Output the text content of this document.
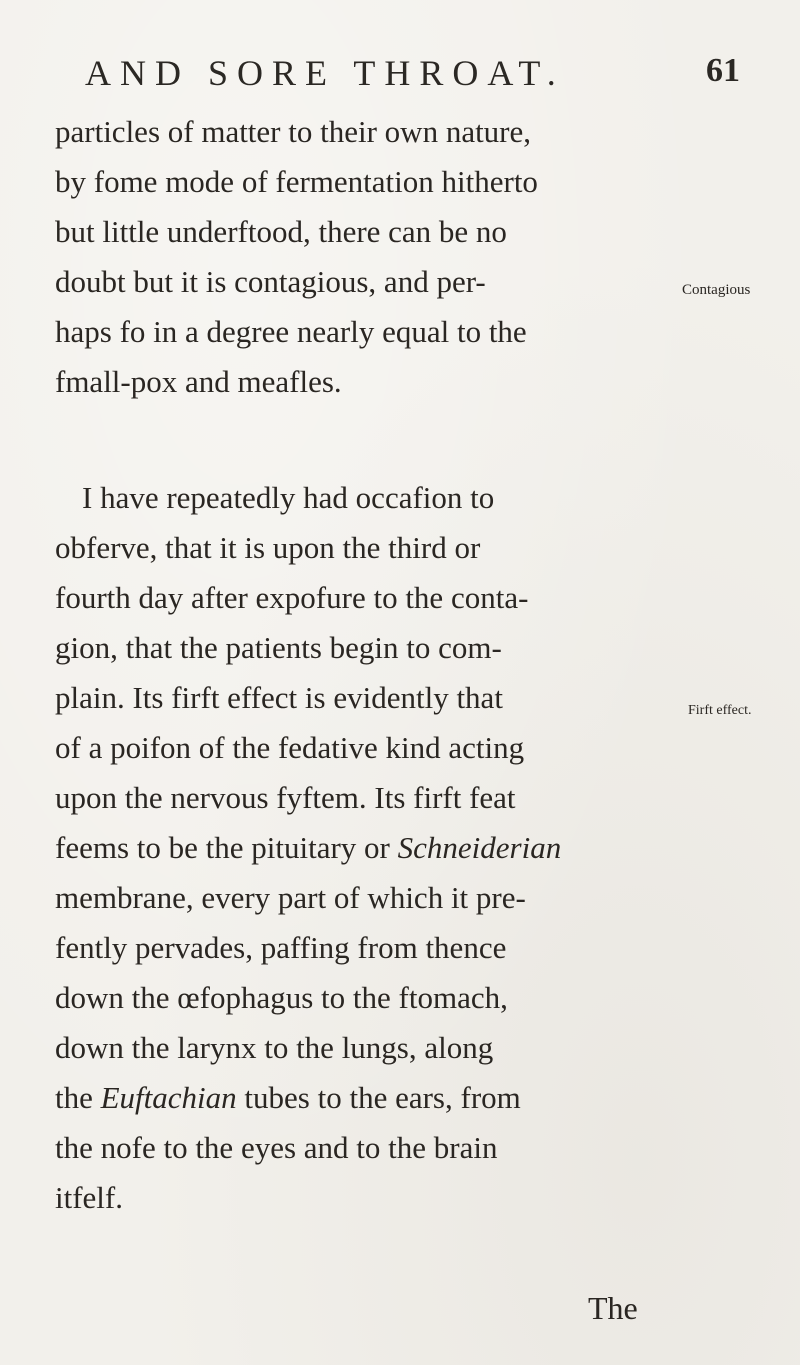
AND SORE THROAT.	61
particles of matter to their own nature,
by fome mode of fermentation hitherto
but little underftood, there can be no
doubt but it is contagious, and per-
haps fo in a degree nearly equal to the
fmall-pox and meafles.
I have repeatedly had occafion to
obferve, that it is upon the third or
fourth day after expofure to the conta-
gion, that the patients begin to com-
plain. Its firft effect is evidently that
of a poifon of the fedative kind acting
upon the nervous fyftem. Its firft feat
feems to be the pituitary or Schneiderian
membrane, every part of which it pre-
fently pervades, paffing from thence
down the œfophagus to the ftomach,
down the larynx to the lungs, along
the Euftachian tubes to the ears, from
the nofe to the eyes and to the brain
itfelf.
Contagious
Firft effect.
The
